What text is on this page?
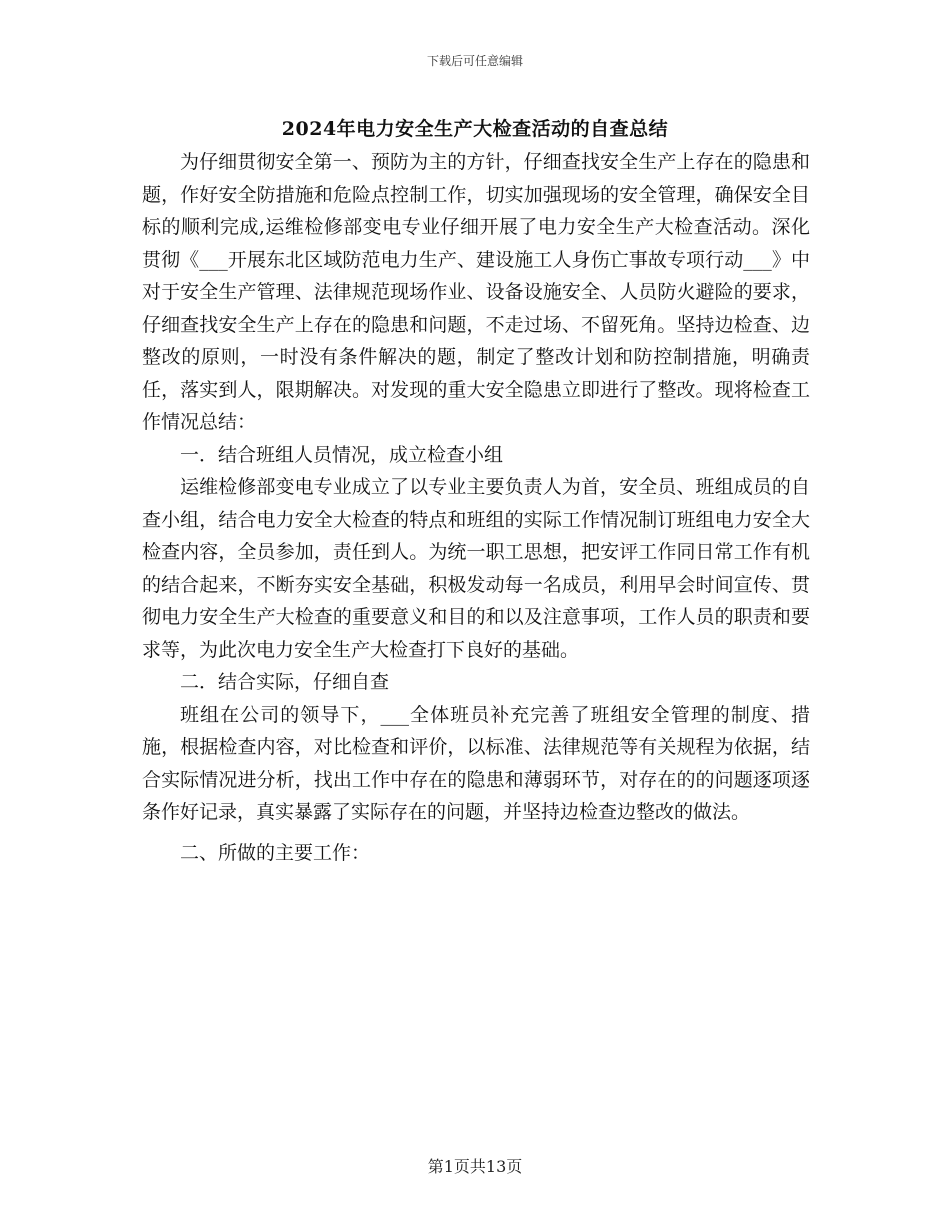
下载后可任意编辑
2024年电力安全生产大检查活动的自查总结

为仔细贯彻安全第一、预防为主的方针，仔细查找安全生产上存在的隐患和题，作好安全防措施和危险点控制工作，切实加强现场的安全管理，确保安全目标的顺利完成,运维检修部变电专业仔细开展了电力安全生产大检查活动。深化贯彻《___开展东北区域防范电力生产、建设施工人身伤亡事故专项行动___》中对于安全生产管理、法律规范现场作业、设备设施安全、人员防火避险的要求，仔细查找安全生产上存在的隐患和问题，不走过场、不留死角。坚持边检查、边整改的原则，一时没有条件解决的题，制定了整改计划和防控制措施，明确责任，落实到人，限期解决。对发现的重大安全隐患立即进行了整改。现将检查工作情况总结：

一．结合班组人员情况，成立检查小组

运维检修部变电专业成立了以专业主要负责人为首，安全员、班组成员的自查小组，结合电力安全大检查的特点和班组的实际工作情况制订班组电力安全大检查内容，全员参加，责任到人。为统一职工思想，把安评工作同日常工作有机的结合起来，不断夯实安全基础，积极发动每一名成员，利用早会时间宣传、贯彻电力安全生产大检查的重要意义和目的和以及注意事项，工作人员的职责和要求等，为此次电力安全生产大检查打下良好的基础。

二．结合实际，仔细自查

班组在公司的领导下，___全体班员补充完善了班组安全管理的制度、措施，根据检查内容，对比检查和评价，以标准、法律规范等有关规程为依据，结合实际情况进分析，找出工作中存在的隐患和薄弱环节，对存在的的问题逐项逐条作好记录，真实暴露了实际存在的问题，并坚持边检查边整改的做法。

二、所做的主要工作：

第1页共13页
